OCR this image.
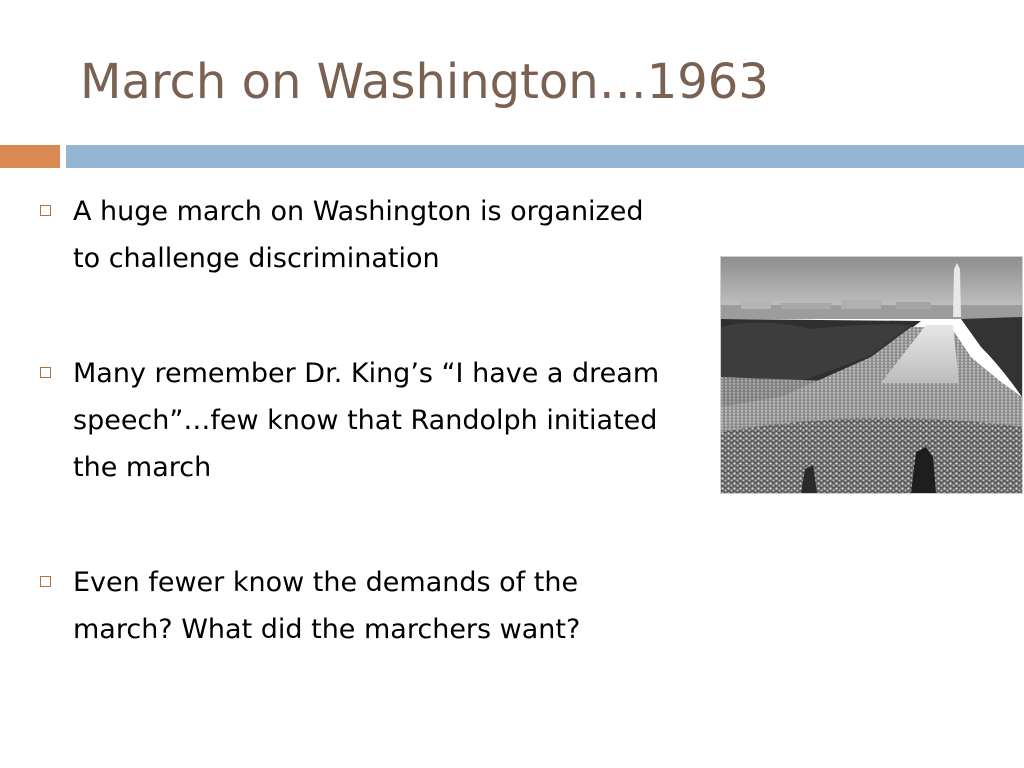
March on Washington…1963
A huge march on Washington is organized to challenge discrimination
Many remember Dr. King’s “I have a dream speech”…few know that Randolph initiated the march
Even fewer know the demands of the march? What did the marchers want?
